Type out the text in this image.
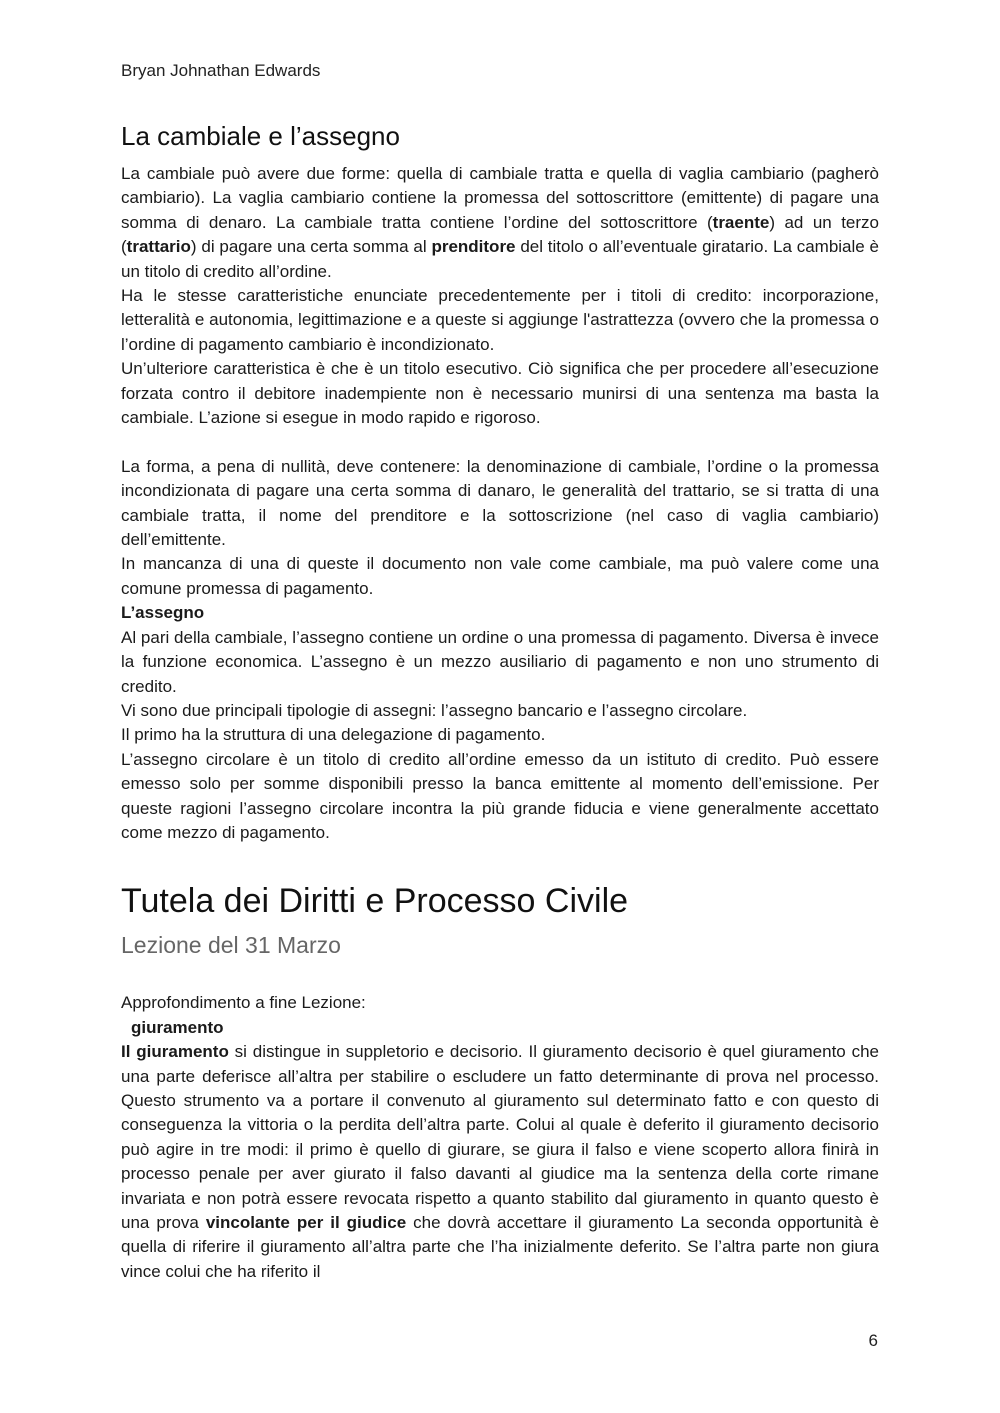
Bryan Johnathan Edwards
La cambiale e l’assegno

La cambiale può avere due forme: quella di cambiale tratta e quella di vaglia cambiario (pagherò cambiario). La vaglia cambiario contiene la promessa del sottoscrittore (emittente) di pagare una somma di denaro. La cambiale tratta contiene l’ordine del sottoscrittore (traente) ad un terzo (trattario) di pagare una certa somma al prenditore del titolo o all’eventuale giratario. La cambiale è un titolo di credito all’ordine.

Ha le stesse caratteristiche enunciate precedentemente per i titoli di credito: incorporazione, letteralità e autonomia, legittimazione e a queste si aggiunge l'astrattezza (ovvero che la promessa o l’ordine di pagamento cambiario è incondizionato.

Un’ulteriore caratteristica è che è un titolo esecutivo. Ciò significa che per procedere all’esecuzione forzata contro il debitore inadempiente non è necessario munirsi di una sentenza ma basta la cambiale. L’azione si esegue in modo rapido e rigoroso.

La forma, a pena di nullità, deve contenere: la denominazione di cambiale, l’ordine o la promessa incondizionata di pagare una certa somma di danaro, le generalità del trattario, se si tratta di una cambiale tratta, il nome del prenditore e la sottoscrizione (nel caso di vaglia cambiario) dell’emittente.

In mancanza di una di queste il documento non vale come cambiale, ma può valere come una comune promessa di pagamento.

L’assegno

Al pari della cambiale, l’assegno contiene un ordine o una promessa di pagamento. Diversa è invece la funzione economica. L’assegno è un mezzo ausiliario di pagamento e non uno strumento di credito.

Vi sono due principali tipologie di assegni: l’assegno bancario e l’assegno circolare.

Il primo ha la struttura di una delegazione di pagamento.

L’assegno circolare è un titolo di credito all’ordine emesso da un istituto di credito. Può essere emesso solo per somme disponibili presso la banca emittente al momento dell’emissione. Per queste ragioni l’assegno circolare incontra la più grande fiducia e viene generalmente accettato come mezzo di pagamento.

Tutela dei Diritti e Processo Civile
Lezione del 31 Marzo
Approfondimento a fine Lezione:
giuramento

Il giuramento si distingue in suppletorio e decisorio. Il giuramento decisorio è quel giuramento che una parte deferisce all’altra per stabilire o escludere un fatto determinante di prova nel processo. Questo strumento va a portare il convenuto al giuramento sul determinato fatto e con questo di conseguenza la vittoria o la perdita dell’altra parte. Colui al quale è deferito il giuramento decisorio può agire in tre modi: il primo è quello di giurare, se giura il falso e viene scoperto allora finirà in processo penale per aver giurato il falso davanti al giudice ma la sentenza della corte rimane invariata e non potrà essere revocata rispetto a quanto stabilito dal giuramento in quanto questo è una prova vincolante per il giudice che dovrà accettare il giuramento La seconda opportunità è quella di riferire il giuramento all’altra parte che l’ha inizialmente deferito. Se l’altra parte non giura vince colui che ha riferito il

6
